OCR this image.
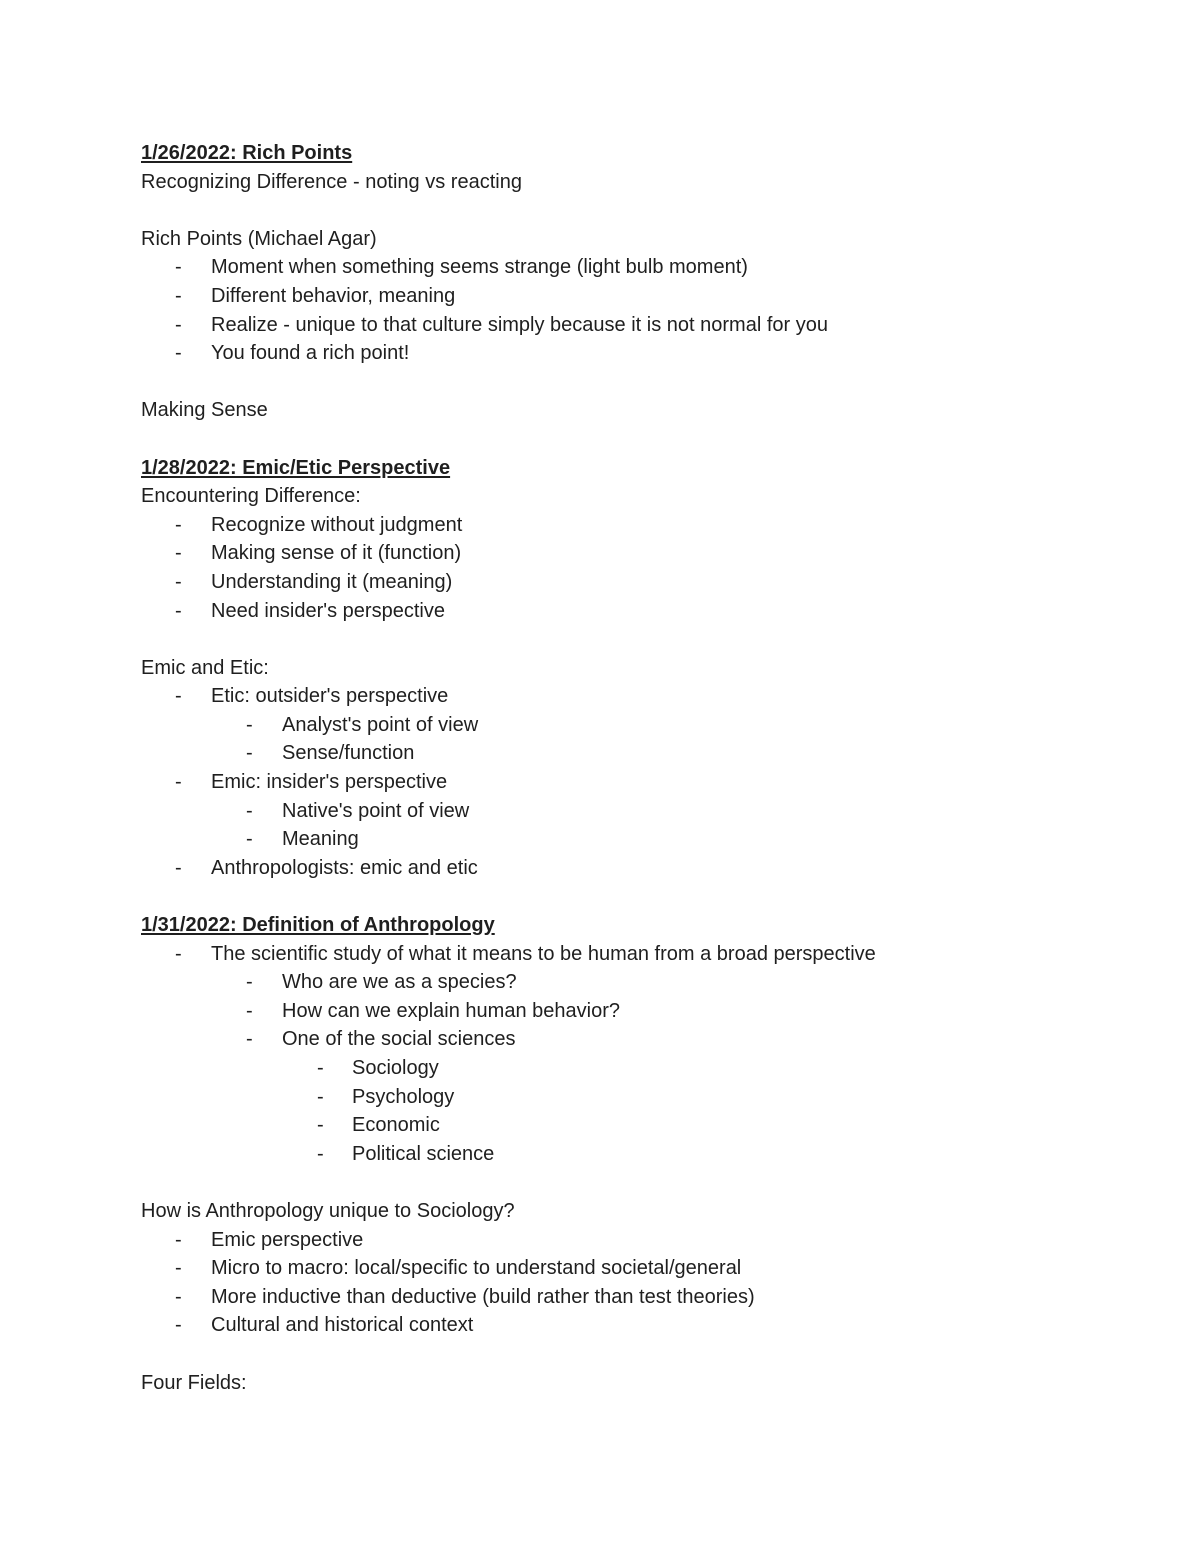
1/26/2022: Rich Points
Recognizing Difference - noting vs reacting
Rich Points (Michael Agar)
- Moment when something seems strange (light bulb moment)
- Different behavior, meaning
- Realize - unique to that culture simply because it is not normal for you
- You found a rich point!
Making Sense
1/28/2022: Emic/Etic Perspective
Encountering Difference:
- Recognize without judgment
- Making sense of it (function)
- Understanding it (meaning)
- Need insider's perspective
Emic and Etic:
- Etic: outsider's perspective
- Analyst's point of view
- Sense/function
- Emic: insider's perspective
- Native's point of view
- Meaning
- Anthropologists: emic and etic
1/31/2022: Definition of Anthropology
- The scientific study of what it means to be human from a broad perspective
- Who are we as a species?
- How can we explain human behavior?
- One of the social sciences
- Sociology
- Psychology
- Economic
- Political science
How is Anthropology unique to Sociology?
- Emic perspective
- Micro to macro: local/specific to understand societal/general
- More inductive than deductive (build rather than test theories)
- Cultural and historical context
Four Fields:
